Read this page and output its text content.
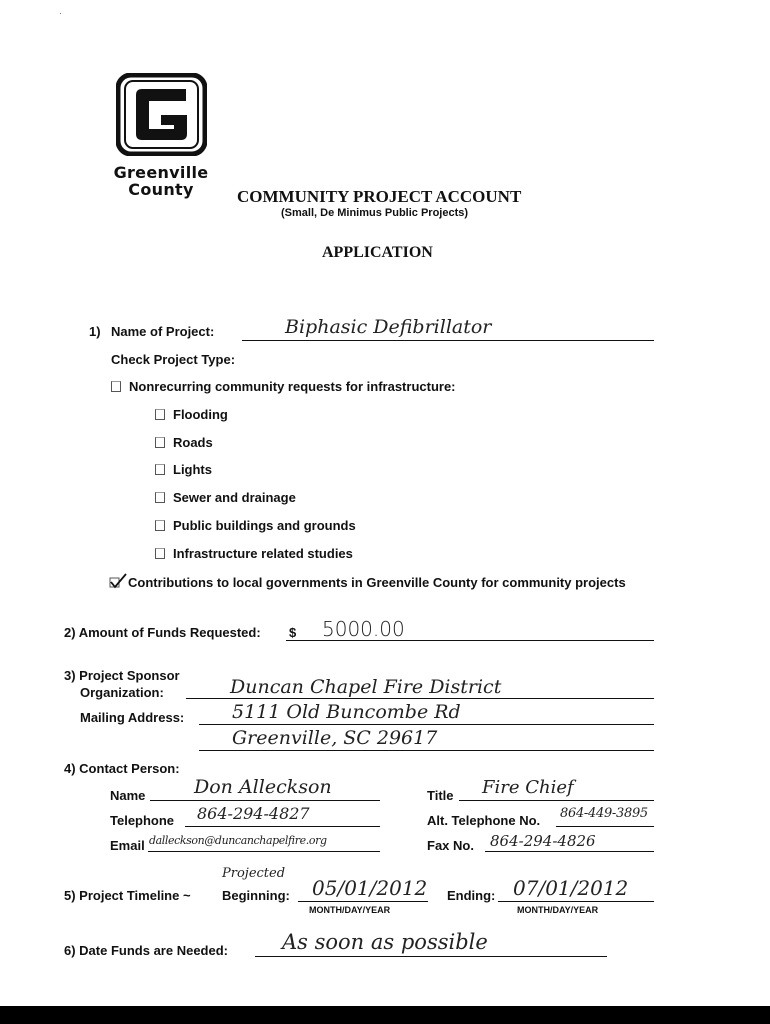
Greenville
County	COMMUNITY PROJECT ACCOUNT
(Small, De Minimus Public Projects)
APPLICATION
1) Name of Project:	Biphasic Defibrillator
Check Project Type:
Nonrecurring community requests for infrastructure:
Flooding
Roads
Lights
Sewer and drainage
Public buildings and grounds
Infrastructure related studies
Contributions to local governments in Greenville County for community projects
2) Amount of Funds Requested: $ 5000.00
3) Project Sponsor
Organization:	Duncan Chapel Fire District
Mailing Address:	5111 Old Buncombe Rd
Greenville, SC 29617
4) Contact Person:
Name	Don Alleckson	Title Fire Chief
Telephone 864-294-4827	Alt. Telephone No. 864-449-3895
Email dalleckson@duncanchapelfire.org	Fax No. 864-294-4826
Projected
5) Project Timeline ~ Beginning: 05/01/2012
MONTH/DAY/YEAR
Ending: 07/01/2012
MONTH/DAY/YEAR
6) Date Funds are Needed:	As soon as possible
